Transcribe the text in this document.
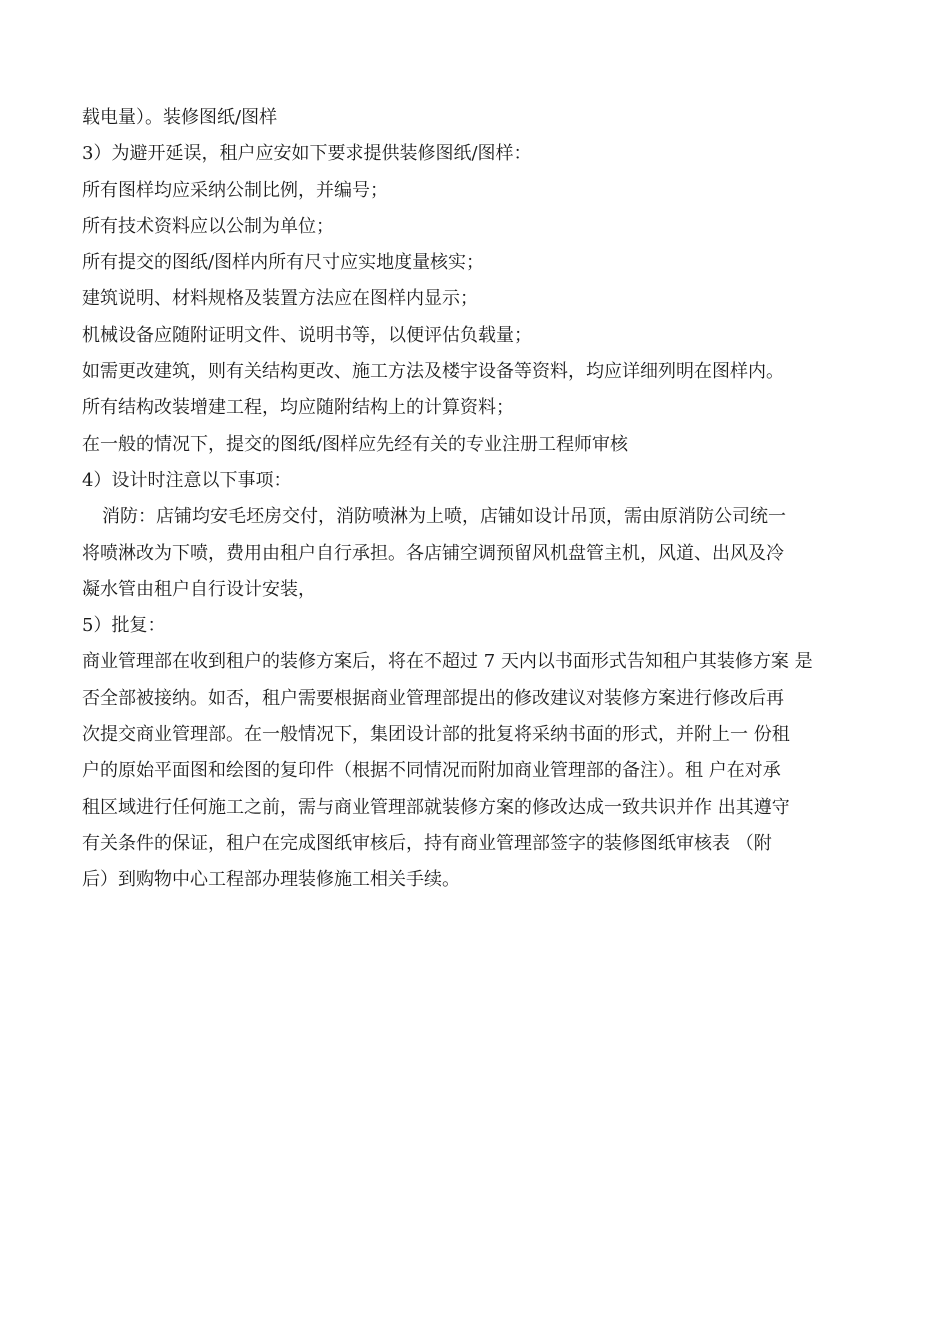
载电量）。装修图纸/图样

3）为避开延误，租户应安如下要求提供装修图纸/图样：

所有图样均应采纳公制比例，并编号；

所有技术资料应以公制为单位；

所有提交的图纸/图样内所有尺寸应实地度量核实；

建筑说明、材料规格及装置方法应在图样内显示；

机械设备应随附证明文件、说明书等，以便评估负载量；

如需更改建筑，则有关结构更改、施工方法及楼宇设备等资料，均应详细列明在图样内。

所有结构改装增建工程，均应随附结构上的计算资料；

在一般的情况下，提交的图纸/图样应先经有关的专业注册工程师审核

4）设计时注意以下事项：

消防：店铺均安毛坯房交付，消防喷淋为上喷，店铺如设计吊顶，需由原消防公司统一

将喷淋改为下喷，费用由租户自行承担。各店铺空调预留风机盘管主机，风道、出风及冷

凝水管由租户自行设计安装，

5）批复：

商业管理部在收到租户的装修方案后，将在不超过 7 天内以书面形式告知租户其装修方案 是

否全部被接纳。如否，租户需要根据商业管理部提出的修改建议对装修方案进行修改后再

次提交商业管理部。在一般情况下，集团设计部的批复将采纳书面的形式，并附上一 份租

户的原始平面图和绘图的复印件（根据不同情况而附加商业管理部的备注）。租 户在对承

租区域进行任何施工之前，需与商业管理部就装修方案的修改达成一致共识并作 出其遵守

有关条件的保证，租户在完成图纸审核后，持有商业管理部签字的装修图纸审核表 （附

后）到购物中心工程部办理装修施工相关手续。
